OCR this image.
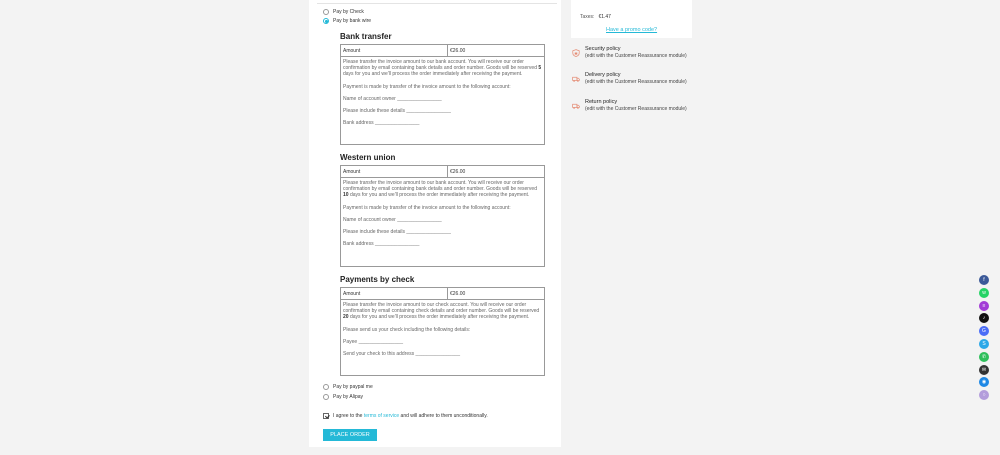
Pay by Check
Pay by bank wire
Bank transfer
Amount	€26.00

Please transfer the invoice amount to our bank account. You will receive our order confirmation by email containing bank details and order number. Goods will be reserved 5 days for you and we'll process the order immediately after receiving the payment.

Payment is made by transfer of the invoice amount to the following account:

Name of account owner ________________

Please include these details ________________

Bank address ________________

Western union
Amount	€26.00

Please transfer the invoice amount to our bank account. You will receive our order confirmation by email containing bank details and order number. Goods will be reserved 10 days for you and we'll process the order immediately after receiving the payment.

Payment is made by transfer of the invoice amount to the following account:

Name of account owner ________________

Please include these details ________________

Bank address ________________

Payments by check
Amount	€26.00

Please transfer the invoice amount to our check account. You will receive our order confirmation by email containing check details and order number. Goods will be reserved 20 days for you and we'll process the order immediately after receiving the payment.

Please send us your check including the following details:

Payee ________________

Send your check to this address ________________

Pay by paypal me
Pay by Alipay
I agree to the terms of service and will adhere to them unconditionally.
PLACE ORDER
Taxes: €1.47
Have a promo code?
Security policy
(edit with the Customer Reassurance module)
Delivery policy
(edit with the Customer Reassurance module)
Return policy
(edit with the Customer Reassurance module)
f
w
≡
♪
G
S
✆
✉
◉
○
